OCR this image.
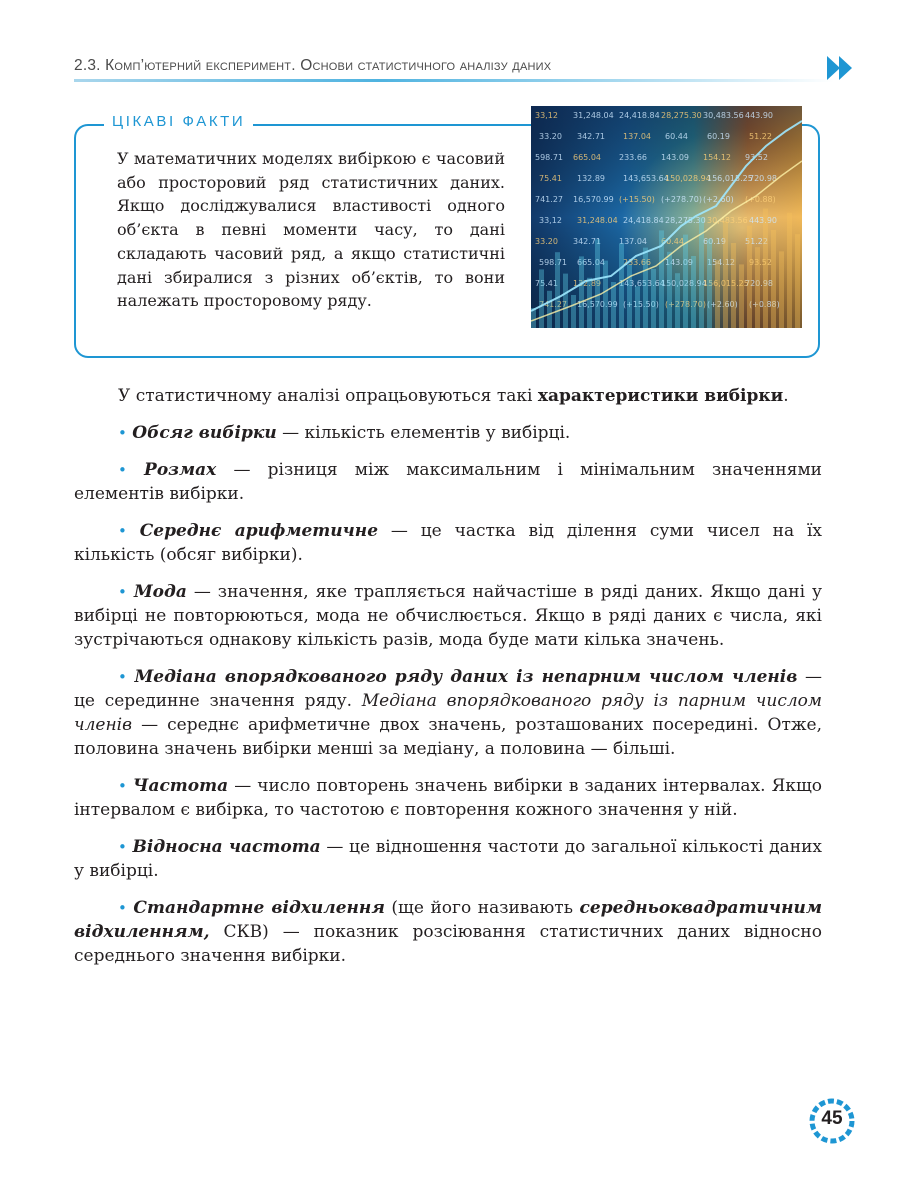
2.3. Комп’ютерний експеримент. Основи статистичного аналізу даних
ЦІКАВІ ФАКТИ
У математичних моделях вибіркою є часовий або просторовий ряд статистичних даних. Якщо досліджувалися властивості одного об’єкта в певні моменти часу, то дані складають часовий ряд, а якщо статистичні дані збиралися з різних об’єктів, то вони належать просторовому ряду.
33,12 31,248.04 24,418.84 28,275.30 30,483.56 443.90
33.20 342.71 137.04 60.44 60.19 51.22
598.71 665.04 233.66 143.09 154.12 93.52
75.41 132.89 143,653.64
150,028.94
156,015.25
720.98
741.27 16,570.99 (+15.50) (+278.70) (+2.60) (+0.88)
33,12 31,248.04 24,418.84 28,275.30 30,483.56 443.90
33.20 342.71 137.04 60.44 60.19 51.22
598.71 665.04 233.66 143.09 154.12 93.52
75.41 132.89 143,653.64
150,028.94
156,015.25
720.98
741.27 16,570.99 (+15.50) (+278.70) (+2.60) (+0.88)

У статистичному аналізі опрацьовуються такі характеристики вибірки.

• Обсяг вибірки — кількість елементів у вибірці.

• Розмах — різниця між максимальним і мінімальним значеннями елементів вибірки.

• Середнє арифметичне — це частка від ділення суми чисел на їх кількість (обсяг вибірки).

• Мода — значення, яке трапляється найчастіше в ряді даних. Якщо дані у вибірці не повторюються, мода не обчислюється. Якщо в ряді даних є числа, які зустрічаються однакову кількість разів, мода буде мати кілька значень.

• Медіана впорядкованого ряду даних із непарним числом членів — це серединне значення ряду. Медіана впорядкованого ряду із парним числом членів — середнє арифметичне двох значень, розташованих посередині. Отже, половина значень вибірки менші за медіану, а половина — більші.

• Частота — число повторень значень вибірки в заданих інтервалах. Якщо інтервалом є вибірка, то частотою є повторення кожного значення у ній.

• Відносна частота — це відношення частоти до загальної кількості даних у вибірці.

• Стандартне відхилення (ще його називають середньоквадратичним відхиленням, СКВ) — показник розсіювання статистичних даних відносно середнього значення вибірки.

45
